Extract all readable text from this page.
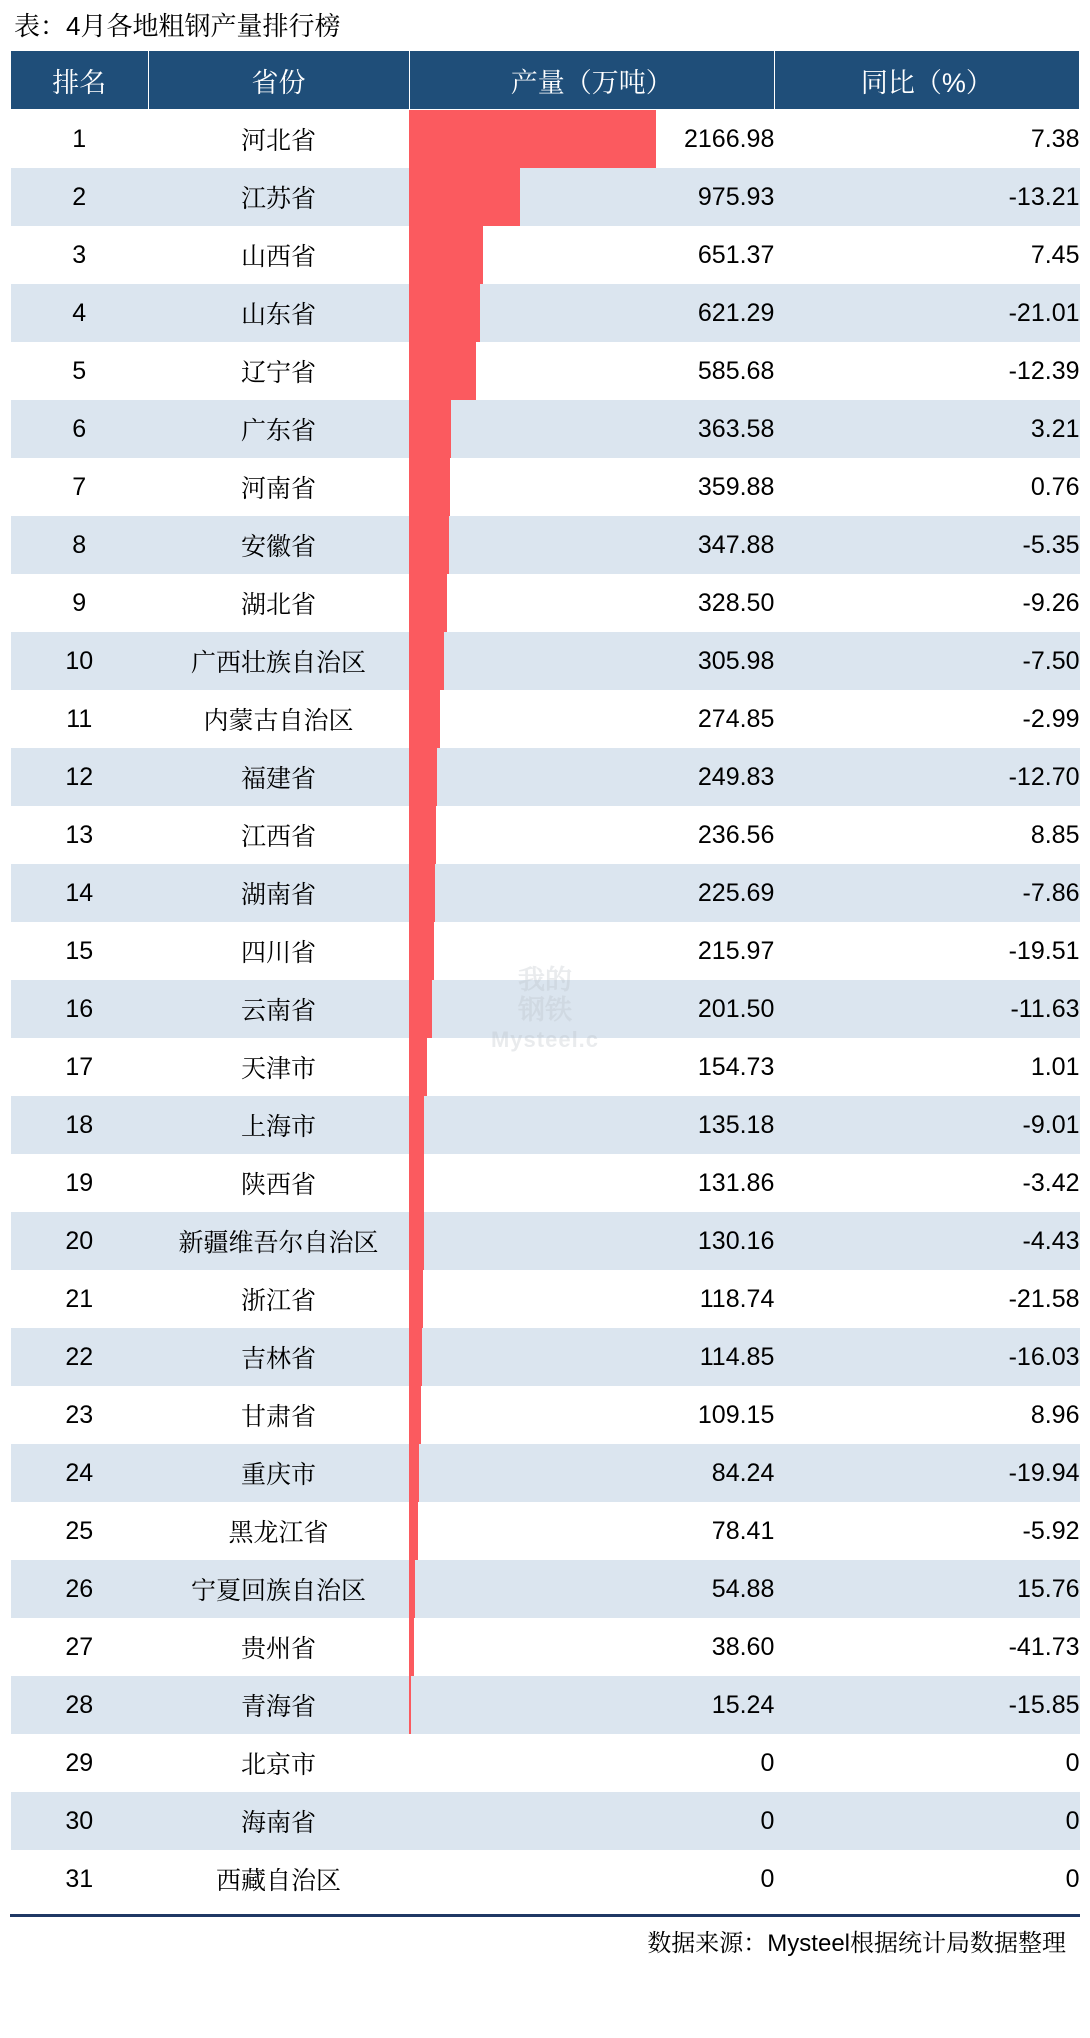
表：4月各地粗钢产量排行榜
排名	省份	产量（万吨）	同比（%）
1	河北省	2166.98	7.38
2	江苏省	975.93	-13.21
3	山西省	651.37	7.45
4	山东省	621.29	-21.01
5	辽宁省	585.68	-12.39
6	广东省	363.58	3.21
7	河南省	359.88	0.76
8	安徽省	347.88	-5.35
9	湖北省	328.50	-9.26
10	广西壮族自治区	305.98	-7.50
11	内蒙古自治区	274.85	-2.99
12	福建省	249.83	-12.70
13	江西省	236.56	8.85
14	湖南省	225.69	-7.86
15	四川省	215.97	-19.51
16	云南省	201.50	-11.63
17	天津市	154.73	1.01
18	上海市	135.18	-9.01
19	陕西省	131.86	-3.42
20	新疆维吾尔自治区	130.16	-4.43
21	浙江省	118.74	-21.58
22	吉林省	114.85	-16.03
23	甘肃省	109.15	8.96
24	重庆市	84.24	-19.94
25	黑龙江省	78.41	-5.92
26	宁夏回族自治区	54.88	15.76
27	贵州省	38.60	-41.73
28	青海省	15.24	-15.85
29	北京市	0	0
30	海南省	0	0
31	西藏自治区	0	0
我的
钢铁
Mysteel.c
数据来源：Mysteel根据统计局数据整理
